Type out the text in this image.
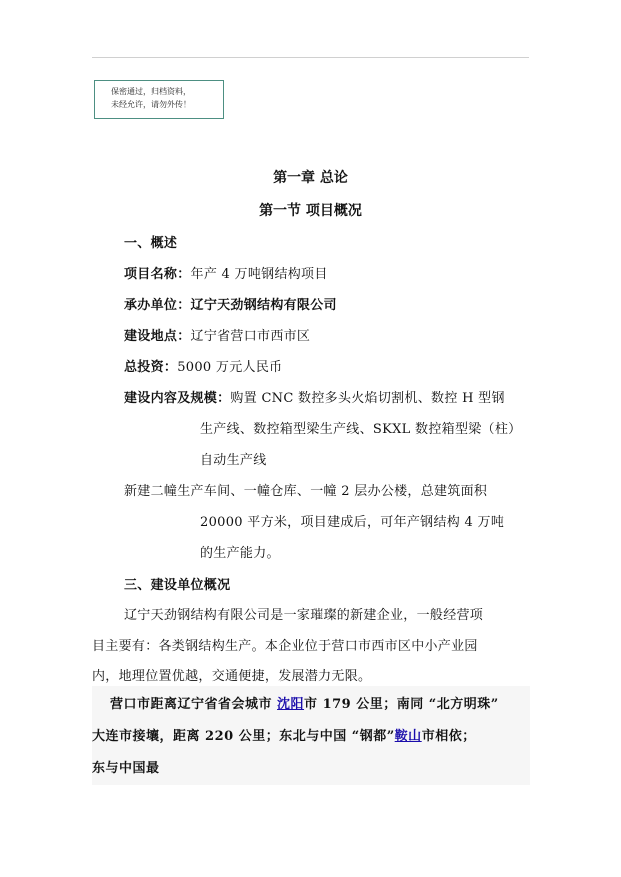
保密通过，归档资料，
未经允许，请勿外传！
第一章 总论
第一节 项目概况
一、概述
项目名称：年产 4 万吨钢结构项目
承办单位：辽宁天劲钢结构有限公司
建设地点：辽宁省营口市西市区
总投资：5000 万元人民币
建设内容及规模：购置 CNC 数控多头火焰切割机、数控 H 型钢
生产线、数控箱型梁生产线、SKXL 数控箱型梁（柱）
自动生产线
新建二幢生产车间、一幢仓库、一幢 2 层办公楼，总建筑面积
20000 平方米，项目建成后，可年产钢结构 4 万吨
的生产能力。
三、建设单位概况
辽宁天劲钢结构有限公司是一家璀璨的新建企业，一般经营项
目主要有：各类钢结构生产。本企业位于营口市西市区中小产业园
内，地理位置优越，交通便捷，发展潜力无限。
营口市距离辽宁省省会城市 沈阳市 179 公里；南同 “北方明珠”
大连市接壤，距离 220 公里；东北与中国 “钢都”鞍山市相依；
东与中国最
